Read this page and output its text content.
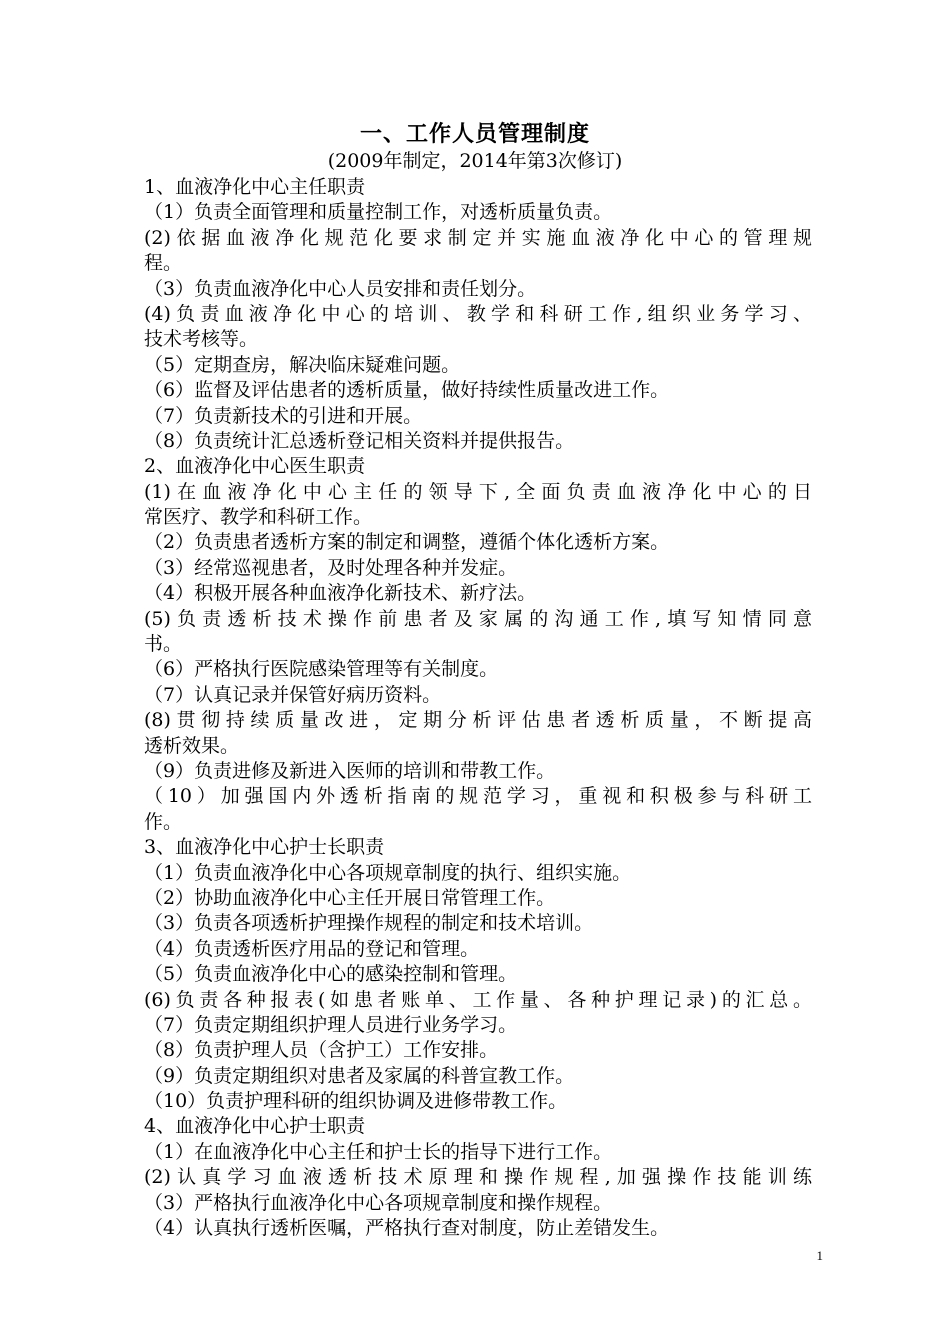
一、工作人员管理制度
(2009年制定，2014年第3次修订)
1、血液净化中心主任职责
（1）负责全面管理和质量控制工作，对透析质量负责。
(2)依据血液净化规范化要求制定并实施血液净化中心的管理规
程。
（3）负责血液净化中心人员安排和责任划分。
(4)负责血液净化中心的培训、教学和科研工作,组织业务学习、
技术考核等。
（5）定期查房，解决临床疑难问题。
（6）监督及评估患者的透析质量，做好持续性质量改进工作。
（7）负责新技术的引进和开展。
（8）负责统计汇总透析登记相关资料并提供报告。
2、血液净化中心医生职责
(1)在血液净化中心主任的领导下,全面负责血液净化中心的日
常医疗、教学和科研工作。
（2）负责患者透析方案的制定和调整，遵循个体化透析方案。
（3）经常巡视患者，及时处理各种并发症。
（4）积极开展各种血液净化新技术、新疗法。
(5)负责透析技术操作前患者及家属的沟通工作,填写知情同意
书。
（6）严格执行医院感染管理等有关制度。
（7）认真记录并保管好病历资料。
(8)贯彻持续质量改进，定期分析评估患者透析质量，不断提高
透析效果。
（9）负责进修及新进入医师的培训和带教工作。
（10）加强国内外透析指南的规范学习，重视和积极参与科研工
作。
3、血液净化中心护士长职责
（1）负责血液净化中心各项规章制度的执行、组织实施。
（2）协助血液净化中心主任开展日常管理工作。
（3）负责各项透析护理操作规程的制定和技术培训。
（4）负责透析医疗用品的登记和管理。
（5）负责血液净化中心的感染控制和管理。
(6)负责各种报表(如患者账单、工作量、各种护理记录)的汇总。
（7）负责定期组织护理人员进行业务学习。
（8）负责护理人员（含护工）工作安排。
（9）负责定期组织对患者及家属的科普宣教工作。
（10）负责护理科研的组织协调及进修带教工作。
4、血液净化中心护士职责
（1）在血液净化中心主任和护士长的指导下进行工作。
(2)认真学习血液透析技术原理和操作规程,加强操作技能训练
（3）严格执行血液净化中心各项规章制度和操作规程。
（4）认真执行透析医嘱，严格执行查对制度，防止差错发生。
1
